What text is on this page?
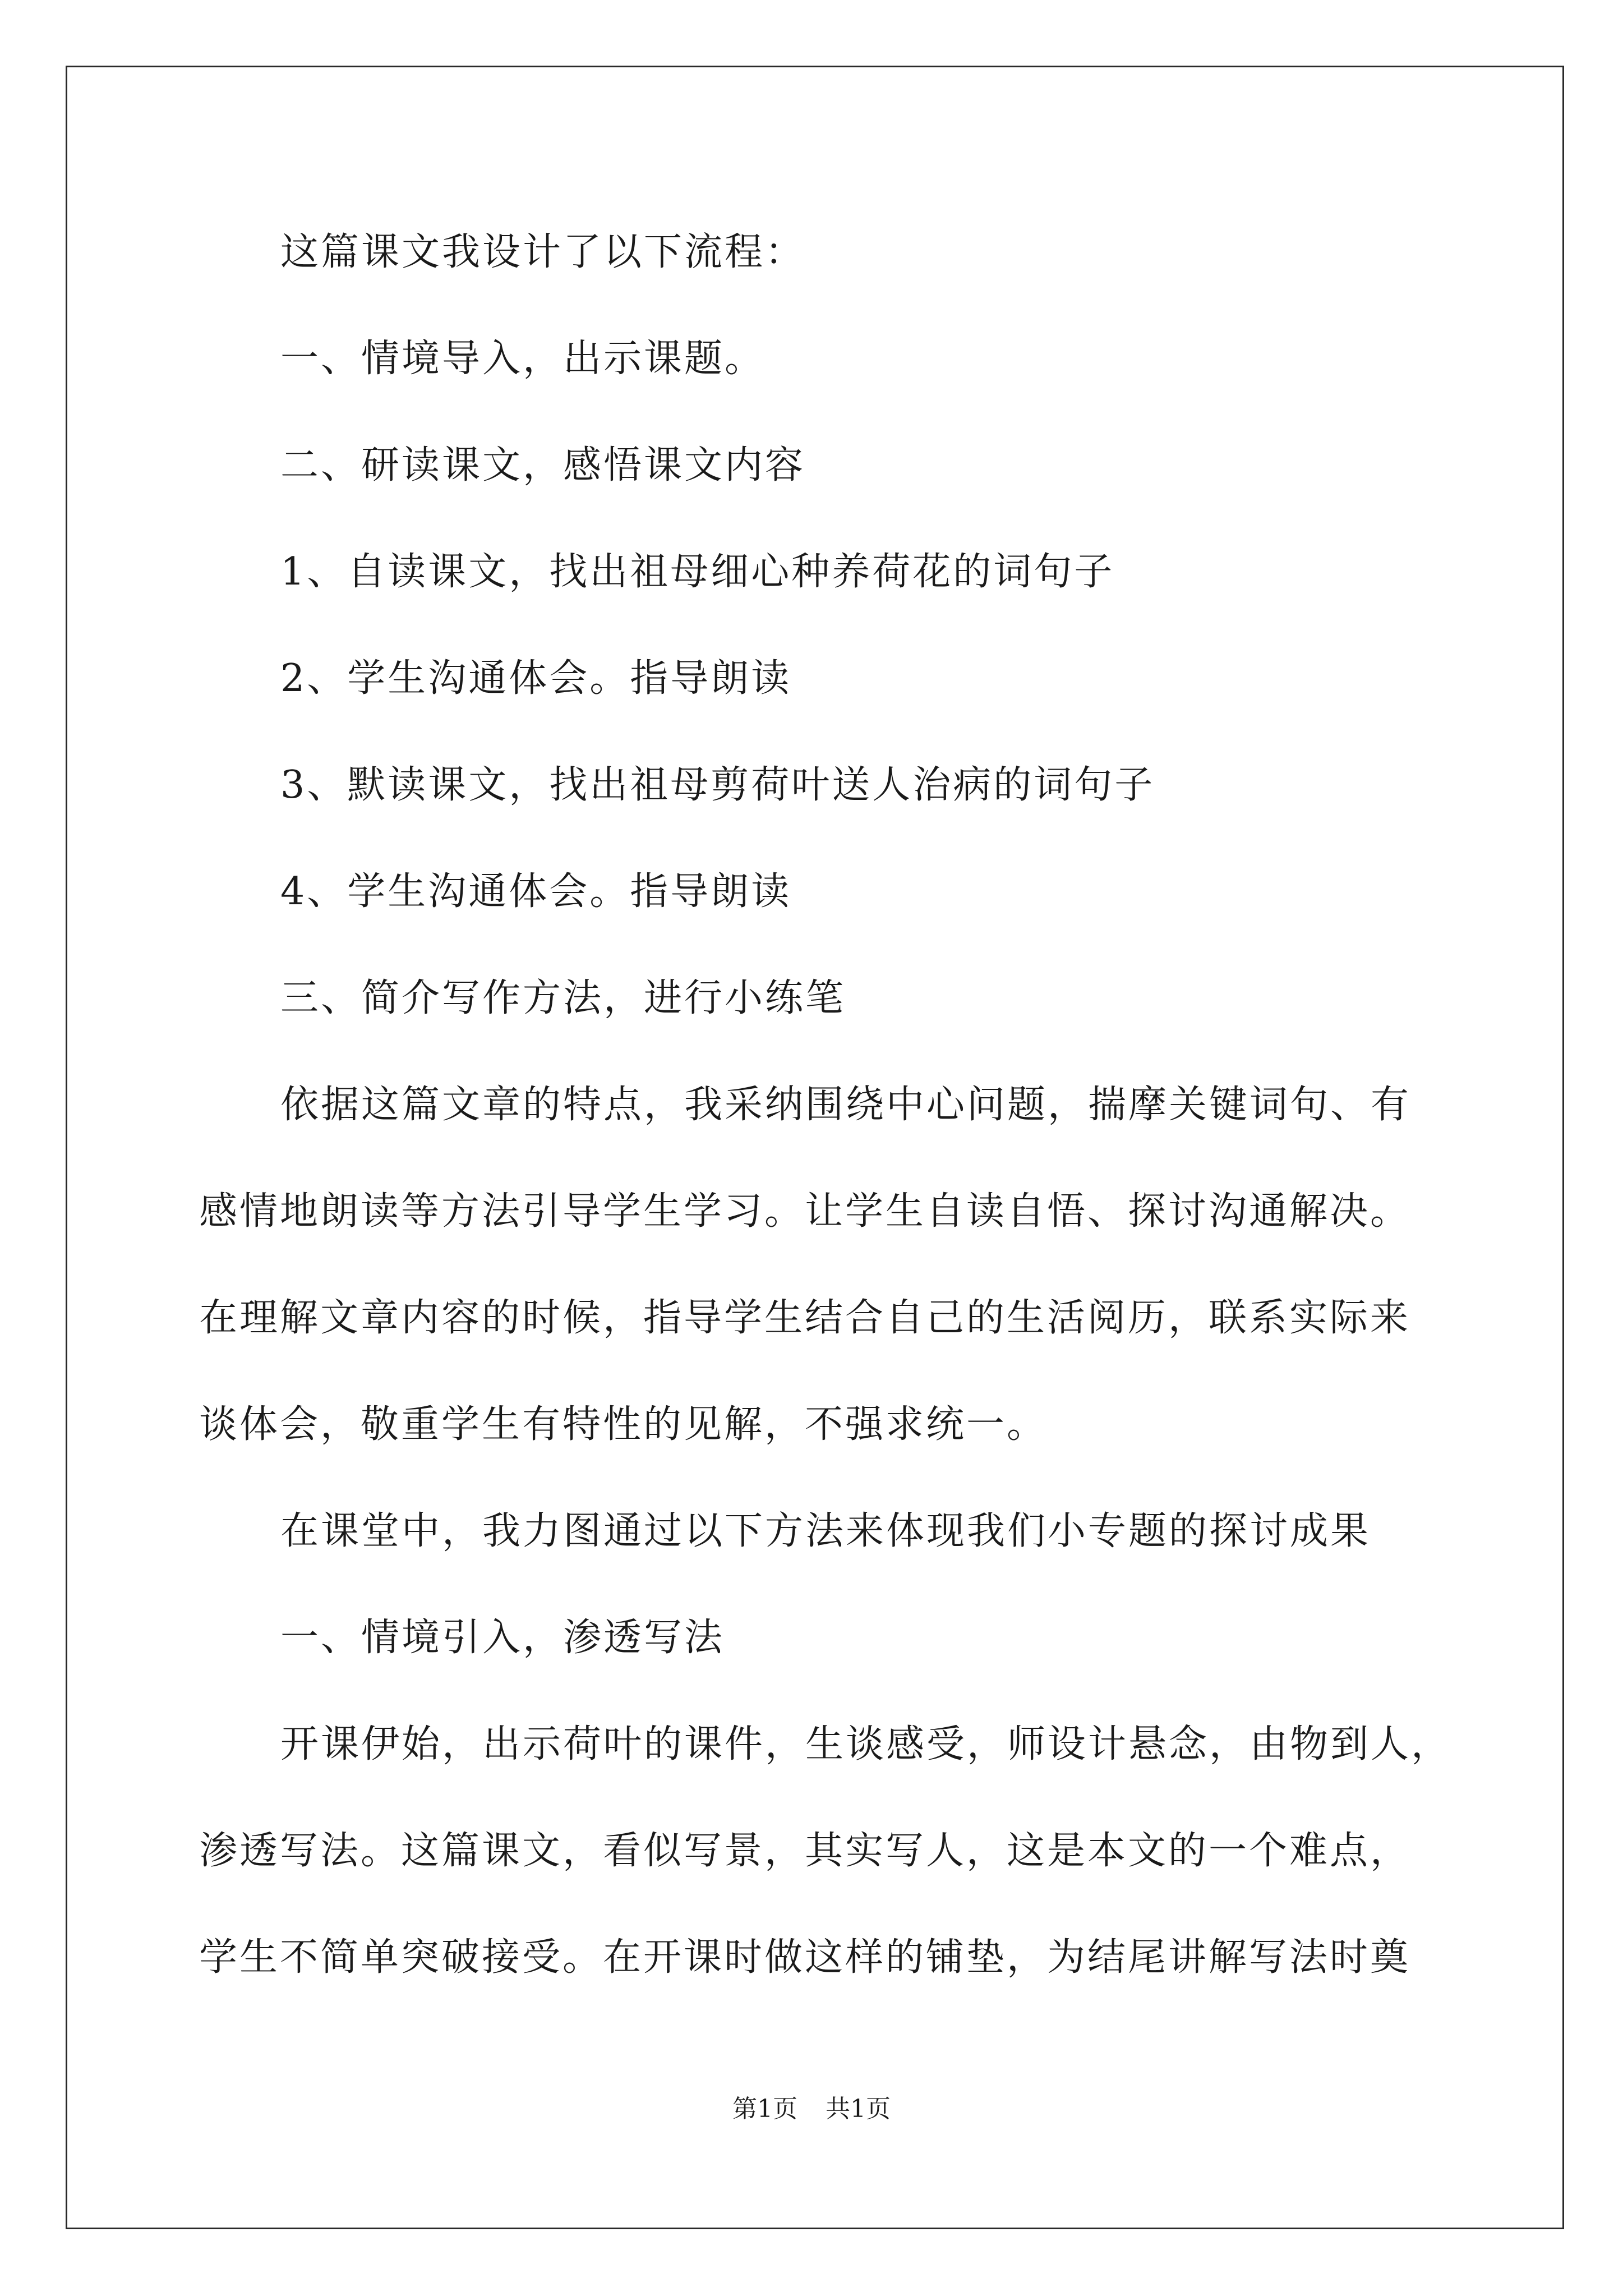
这篇课文我设计了以下流程：
一、情境导入，出示课题。
二、研读课文，感悟课文内容
1、自读课文，找出祖母细心种养荷花的词句子
2、学生沟通体会。指导朗读
3、默读课文，找出祖母剪荷叶送人治病的词句子
4、学生沟通体会。指导朗读
三、简介写作方法，进行小练笔
依据这篇文章的特点，我采纳围绕中心问题，揣摩关键词句、有
感情地朗读等方法引导学生学习。让学生自读自悟、探讨沟通解决。
在理解文章内容的时候，指导学生结合自己的生活阅历，联系实际来
谈体会，敬重学生有特性的见解，不强求统一。
在课堂中，我力图通过以下方法来体现我们小专题的探讨成果
一、情境引入，渗透写法
开课伊始，出示荷叶的课件，生谈感受，师设计悬念，由物到人，
渗透写法。这篇课文，看似写景，其实写人，这是本文的一个难点，
学生不简单突破接受。在开课时做这样的铺垫，为结尾讲解写法时奠
第1页 共1页
